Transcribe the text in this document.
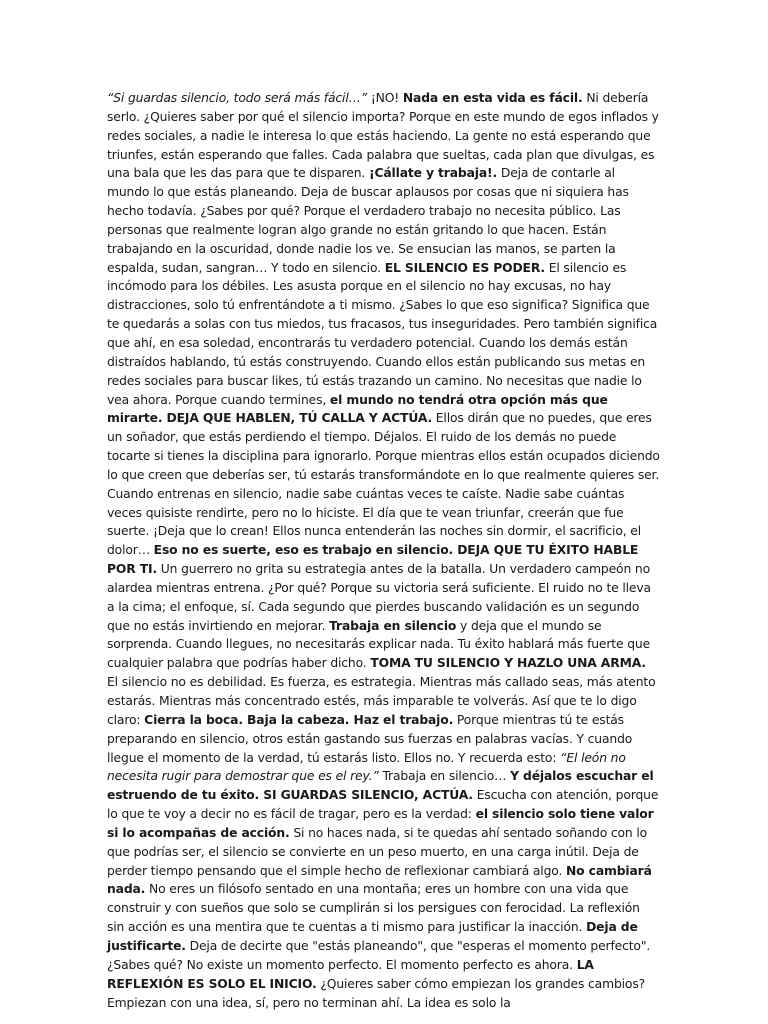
“Si guardas silencio, todo será más fácil…” ¡NO! Nada en esta vida es fácil. Ni debería serlo. ¿Quieres saber por qué el silencio importa? Porque en este mundo de egos inflados y redes sociales, a nadie le interesa lo que estás haciendo. La gente no está esperando que triunfes, están esperando que falles. Cada palabra que sueltas, cada plan que divulgas, es una bala que les das para que te disparen. ¡Cállate y trabaja!. Deja de contarle al mundo lo que estás planeando. Deja de buscar aplausos por cosas que ni siquiera has hecho todavía. ¿Sabes por qué? Porque el verdadero trabajo no necesita público. Las personas que realmente logran algo grande no están gritando lo que hacen. Están trabajando en la oscuridad, donde nadie los ve. Se ensucian las manos, se parten la espalda, sudan, sangran… Y todo en silencio. EL SILENCIO ES PODER. El silencio es incómodo para los débiles. Les asusta porque en el silencio no hay excusas, no hay distracciones, solo tú enfrentándote a ti mismo. ¿Sabes lo que eso significa? Significa que te quedarás a solas con tus miedos, tus fracasos, tus inseguridades. Pero también significa que ahí, en esa soledad, encontrarás tu verdadero potencial. Cuando los demás están distraídos hablando, tú estás construyendo. Cuando ellos están publicando sus metas en redes sociales para buscar likes, tú estás trazando un camino. No necesitas que nadie lo vea ahora. Porque cuando termines, el mundo no tendrá otra opción más que mirarte. DEJA QUE HABLEN, TÚ CALLA Y ACTÚA. Ellos dirán que no puedes, que eres un soñador, que estás perdiendo el tiempo. Déjalos. El ruido de los demás no puede tocarte si tienes la disciplina para ignorarlo. Porque mientras ellos están ocupados diciendo lo que creen que deberías ser, tú estarás transformándote en lo que realmente quieres ser. Cuando entrenas en silencio, nadie sabe cuántas veces te caíste. Nadie sabe cuántas veces quisiste rendirte, pero no lo hiciste. El día que te vean triunfar, creerán que fue suerte. ¡Deja que lo crean! Ellos nunca entenderán las noches sin dormir, el sacrificio, el dolor… Eso no es suerte, eso es trabajo en silencio. DEJA QUE TU ÉXITO HABLE POR TI. Un guerrero no grita su estrategia antes de la batalla. Un verdadero campeón no alardea mientras entrena. ¿Por qué? Porque su victoria será suficiente. El ruido no te lleva a la cima; el enfoque, sí. Cada segundo que pierdes buscando validación es un segundo que no estás invirtiendo en mejorar. Trabaja en silencio y deja que el mundo se sorprenda. Cuando llegues, no necesitarás explicar nada. Tu éxito hablará más fuerte que cualquier palabra que podrías haber dicho. TOMA TU SILENCIO Y HAZLO UNA ARMA. El silencio no es debilidad. Es fuerza, es estrategia. Mientras más callado seas, más atento estarás. Mientras más concentrado estés, más imparable te volverás. Así que te lo digo claro: Cierra la boca. Baja la cabeza. Haz el trabajo. Porque mientras tú te estás preparando en silencio, otros están gastando sus fuerzas en palabras vacías. Y cuando llegue el momento de la verdad, tú estarás listo. Ellos no. Y recuerda esto: “El león no necesita rugir para demostrar que es el rey.” Trabaja en silencio… Y déjalos escuchar el estruendo de tu éxito. SI GUARDAS SILENCIO, ACTÚA. Escucha con atención, porque lo que te voy a decir no es fácil de tragar, pero es la verdad: el silencio solo tiene valor si lo acompañas de acción. Si no haces nada, si te quedas ahí sentado soñando con lo que podrías ser, el silencio se convierte en un peso muerto, en una carga inútil. Deja de perder tiempo pensando que el simple hecho de reflexionar cambiará algo. No cambiará nada. No eres un filósofo sentado en una montaña; eres un hombre con una vida que construir y con sueños que solo se cumplirán si los persigues con ferocidad. La reflexión sin acción es una mentira que te cuentas a ti mismo para justificar la inacción. Deja de justificarte. Deja de decirte que "estás planeando", que "esperas el momento perfecto". ¿Sabes qué? No existe un momento perfecto. El momento perfecto es ahora. LA REFLEXIÓN ES SOLO EL INICIO. ¿Quieres saber cómo empiezan los grandes cambios? Empiezan con una idea, sí, pero no terminan ahí. La idea es solo la
